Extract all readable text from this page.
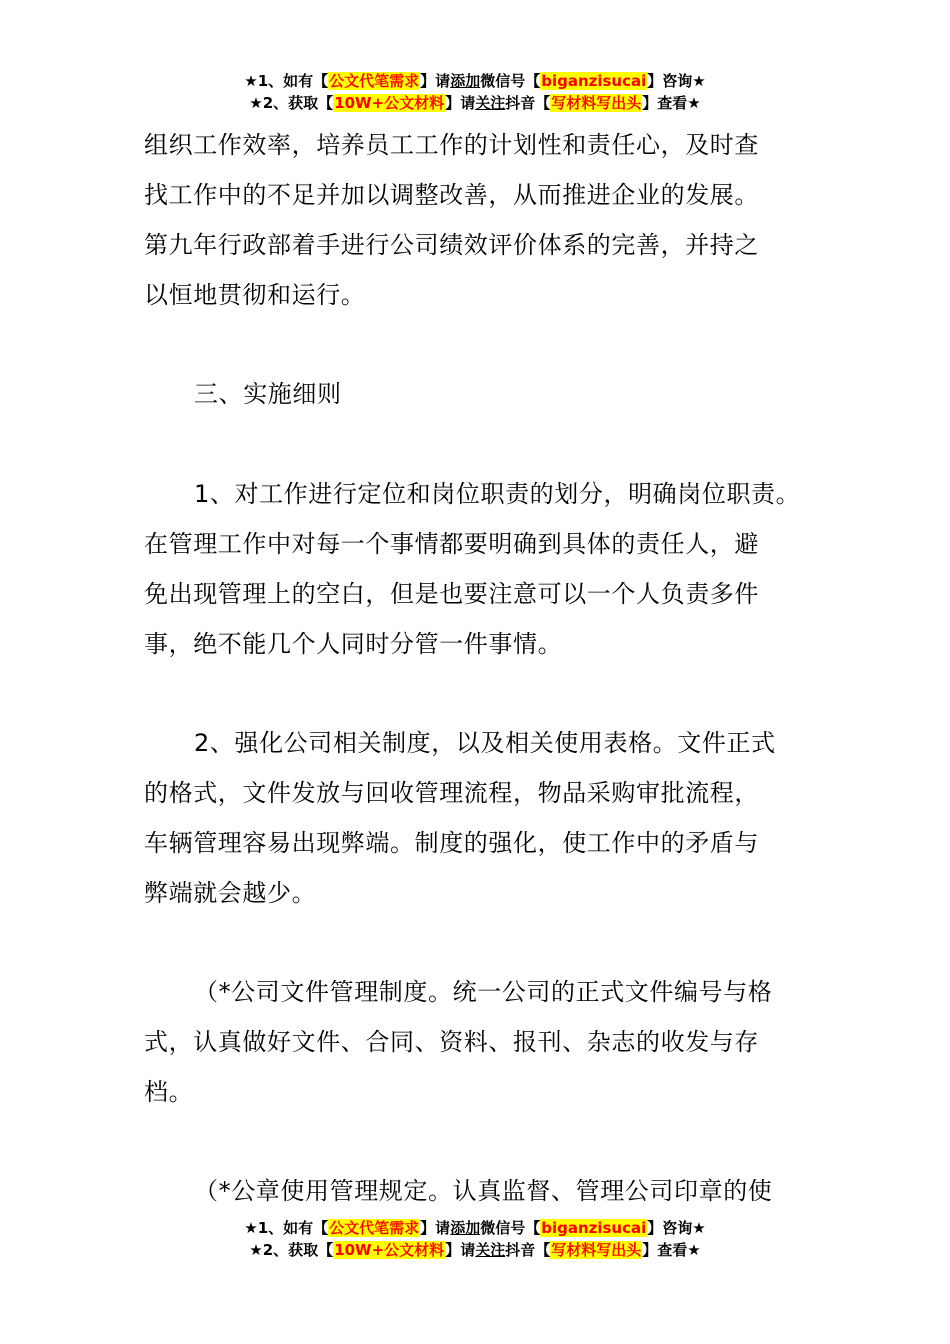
★1、如有【公文代笔需求】请添加微信号【biganzisucai】咨询★
★2、获取【10W+公文材料】请关注抖音【写材料写出头】查看★

组织工作效率，培养员工工作的计划性和责任心，及时查

找工作中的不足并加以调整改善，从而推进企业的发展。

第九年行政部着手进行公司绩效评价体系的完善，并持之

以恒地贯彻和运行。

三、实施细则

1、对工作进行定位和岗位职责的划分，明确岗位职责。

在管理工作中对每一个事情都要明确到具体的责任人，避

免出现管理上的空白，但是也要注意可以一个人负责多件

事，绝不能几个人同时分管一件事情。

2、强化公司相关制度，以及相关使用表格。文件正式

的格式，文件发放与回收管理流程，物品采购审批流程，

车辆管理容易出现弊端。制度的强化，使工作中的矛盾与

弊端就会越少。

（*公司文件管理制度。统一公司的正式文件编号与格

式，认真做好文件、合同、资料、报刊、杂志的收发与存

档。

（*公章使用管理规定。认真监督、管理公司印章的使

★1、如有【公文代笔需求】请添加微信号【biganzisucai】咨询★
★2、获取【10W+公文材料】请关注抖音【写材料写出头】查看★
